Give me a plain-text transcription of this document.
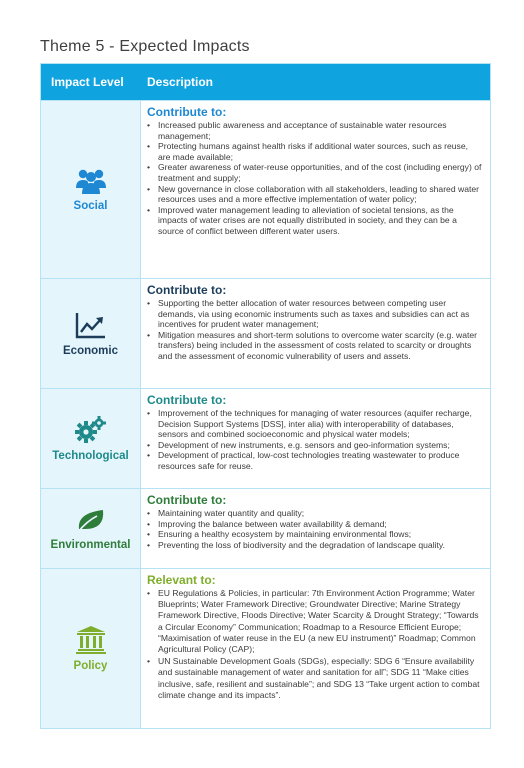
Theme 5 - Expected Impacts
Impact Level	Description
Social
Contribute to:
• Increased public awareness and acceptance of sustainable water resources management;
• Protecting humans against health risks if additional water sources, such as reuse, are made available;
• Greater awareness of water-reuse opportunities, and of the cost (including energy) of treatment and supply;
• New governance in close collaboration with all stakeholders, leading to shared water resources uses and a more effective implementation of water policy;
• Improved water management leading to alleviation of societal tensions, as the impacts of water crises are not equally distributed in society, and they can be a source of conflict between different water users.
Economic
Contribute to:
• Supporting the better allocation of water resources between competing user demands, via using economic instruments such as taxes and subsidies can act as incentives for prudent water management;
• Mitigation measures and short-term solutions to overcome water scarcity (e.g. water transfers) being included in the assessment of costs related to scarcity or droughts and the assessment of economic vulnerability of users and assets.
Technological
Contribute to:
• Improvement of the techniques for managing of water resources (aquifer recharge, Decision Support Systems [DSS], inter alia) with interoperability of databases, sensors and combined socioeconomic and physical water models;
• Development of new instruments, e.g. sensors and geo-information systems;
• Development of practical, low-cost technologies treating wastewater to produce resources safe for reuse.
Environmental
Contribute to:
• Maintaining water quantity and quality;
• Improving the balance between water availability & demand;
• Ensuring a healthy ecosystem by maintaining environmental flows;
• Preventing the loss of biodiversity and the degradation of landscape quality.
Policy
Relevant to:
• EU Regulations & Policies, in particular: 7th Environment Action Programme; Water Blueprints; Water Framework Directive; Groundwater Directive; Marine Strategy Framework Directive, Floods Directive; Water Scarcity & Drought Strategy; “Towards a Circular Economy” Communication; Roadmap to a Resource Efficient Europe; “Maximisation of water reuse in the EU (a new EU instrument)” Roadmap; Common Agricultural Policy (CAP);
• UN Sustainable Development Goals (SDGs), especially: SDG 6 “Ensure availability and sustainable management of water and sanitation for all”; SDG 11 “Make cities inclusive, safe, resilient and sustainable”; and SDG 13 “Take urgent action to combat climate change and its impacts”.
